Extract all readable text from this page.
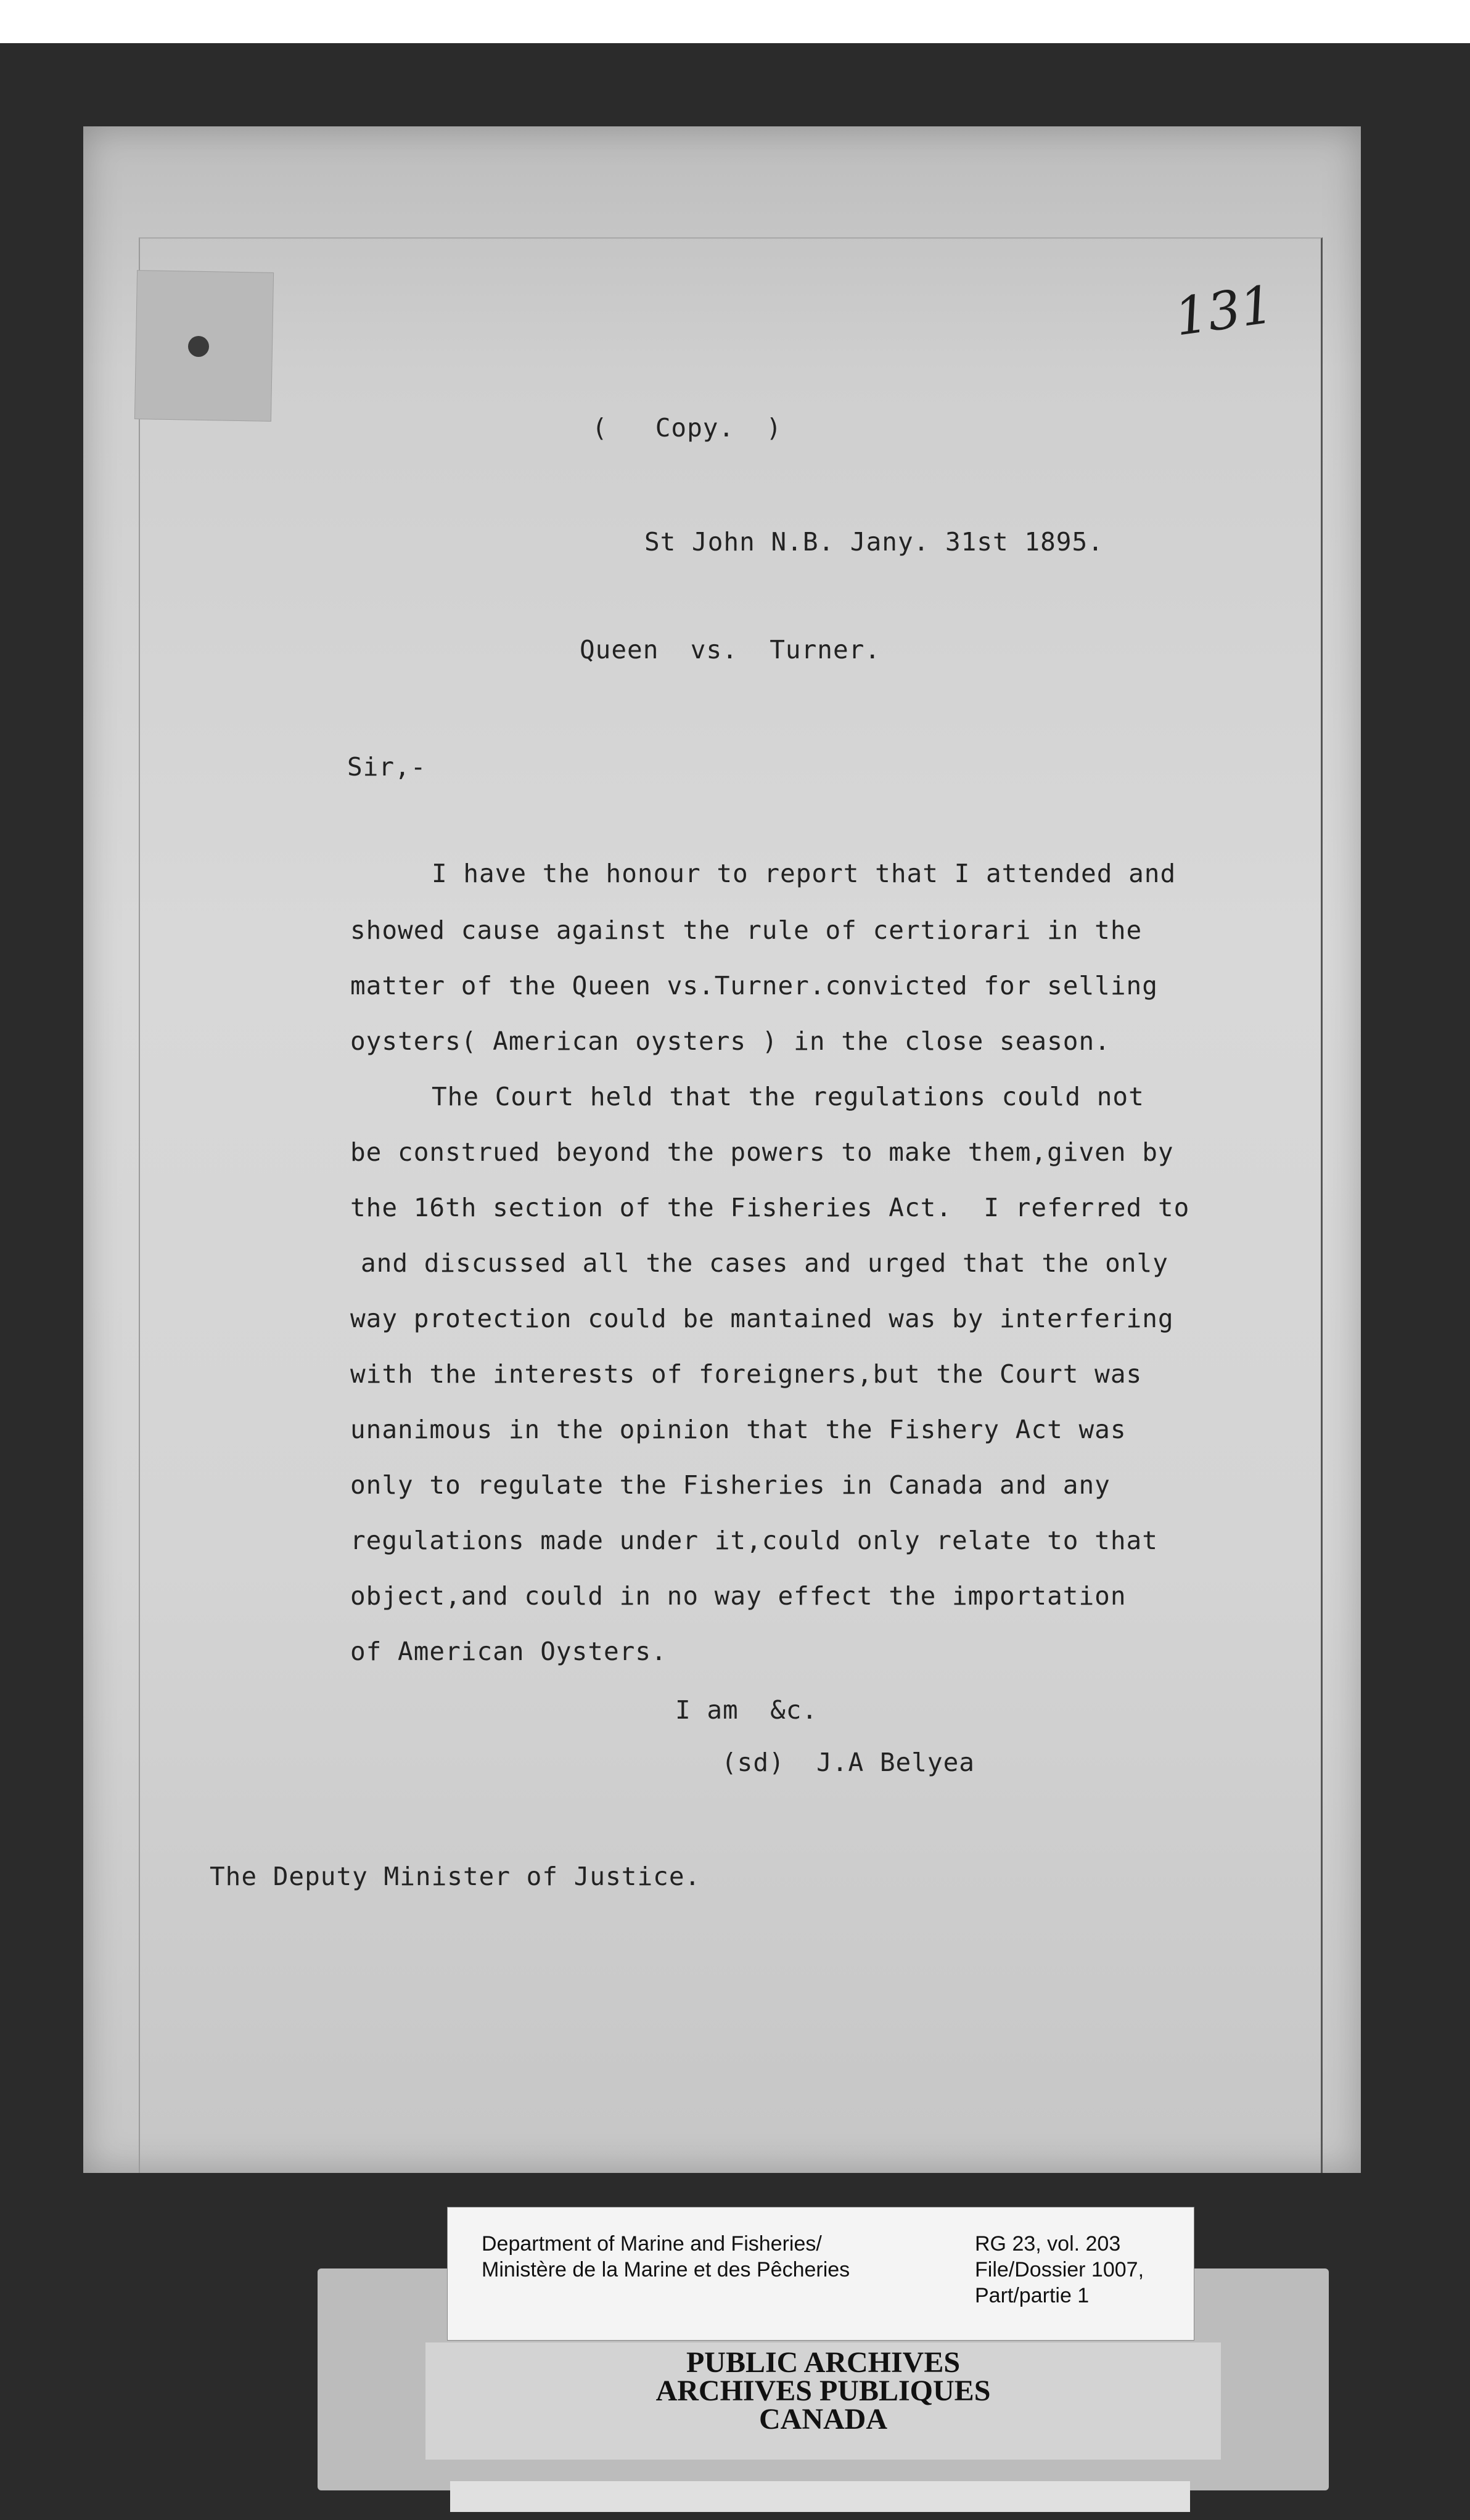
131
(   Copy.  )
St John N.B. Jany. 31st 1895.
Queen  vs.  Turner.
Sir,-
I have the honour to report that I attended and
showed cause against the rule of certiorari in the
matter of the Queen vs.Turner.convicted for selling
oysters( American oysters ) in the close season.
The Court held that the regulations could not
be construed beyond the powers to make them,given by
the 16th section of the Fisheries Act.  I referred to
and discussed all the cases and urged that the only
way protection could be mantained was by interfering
with the interests of foreigners,but the Court was
unanimous in the opinion that the Fishery Act was
only to regulate the Fisheries in Canada and any
regulations made under it,could only relate to that
object,and could in no way effect the importation
of American Oysters.
I am  &c.
(sd)  J.A Belyea
The Deputy Minister of Justice.
Department of Marine and Fisheries/
Ministère de la Marine et des Pêcheries
RG 23, vol. 203
File/Dossier 1007,
Part/partie 1
PUBLIC ARCHIVES
ARCHIVES PUBLIQUES
CANADA
